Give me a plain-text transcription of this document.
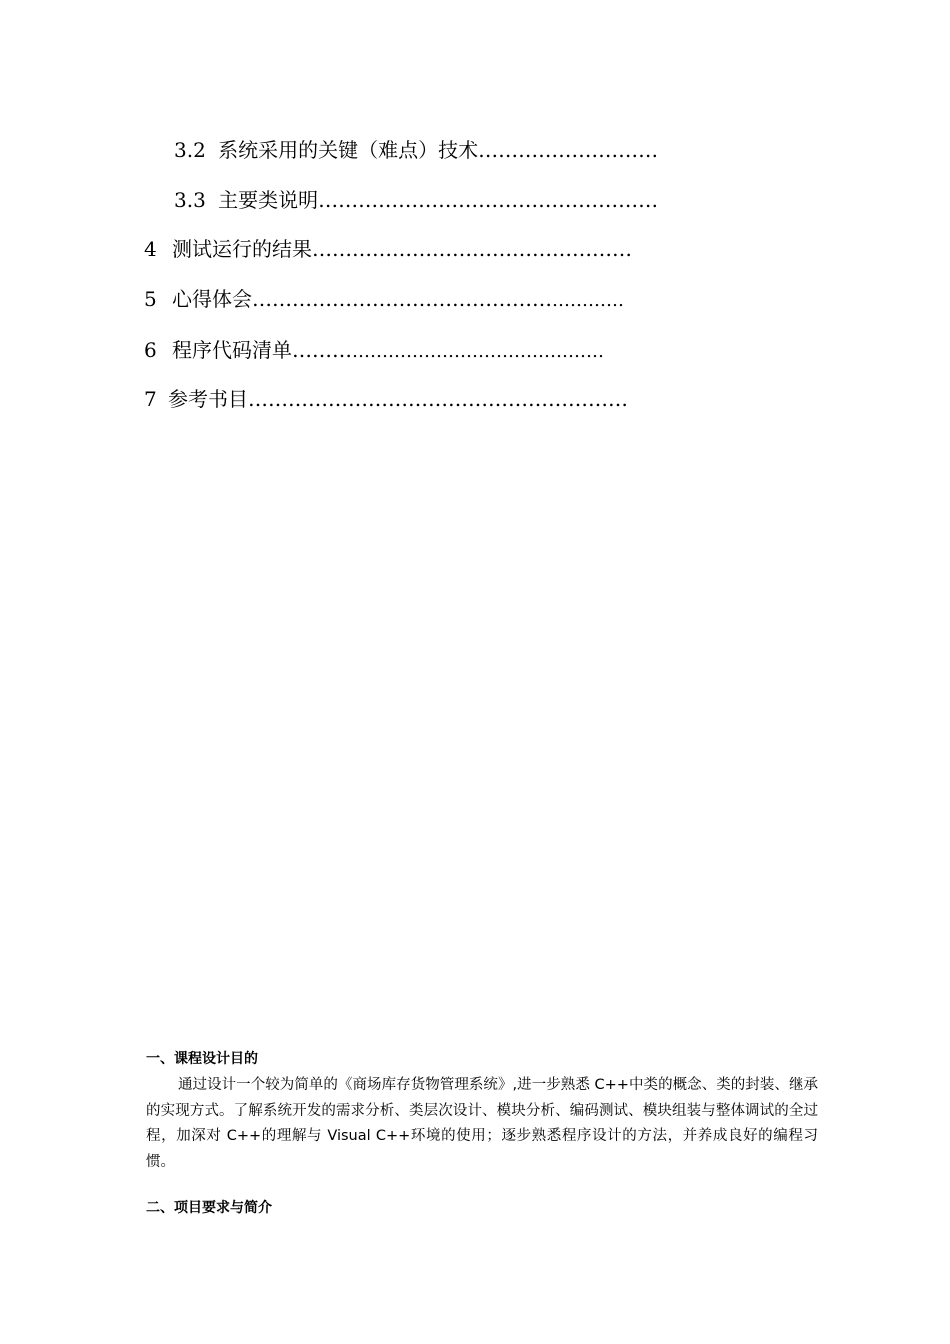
3.2 系统采用的关键（难点）技术………………………
3.3 主要类说明……………………………………………
4 测试运行的结果…………………………………………
5 心得体会…………………………………………………
6 程序代码清单……………………………………………
7 参考书目…………………………………………………
一、课程设计目的
通过设计一个较为简单的《商场库存货物管理系统》,进一步熟悉 C++中类的概念、类的封装、继承的实现方式。了解系统开发的需求分析、类层次设计、模块分析、编码测试、模块组装与整体调试的全过程，加深对 C++的理解与 Visual C++环境的使用；逐步熟悉程序设计的方法，并养成良好的编程习惯。
二、项目要求与简介
